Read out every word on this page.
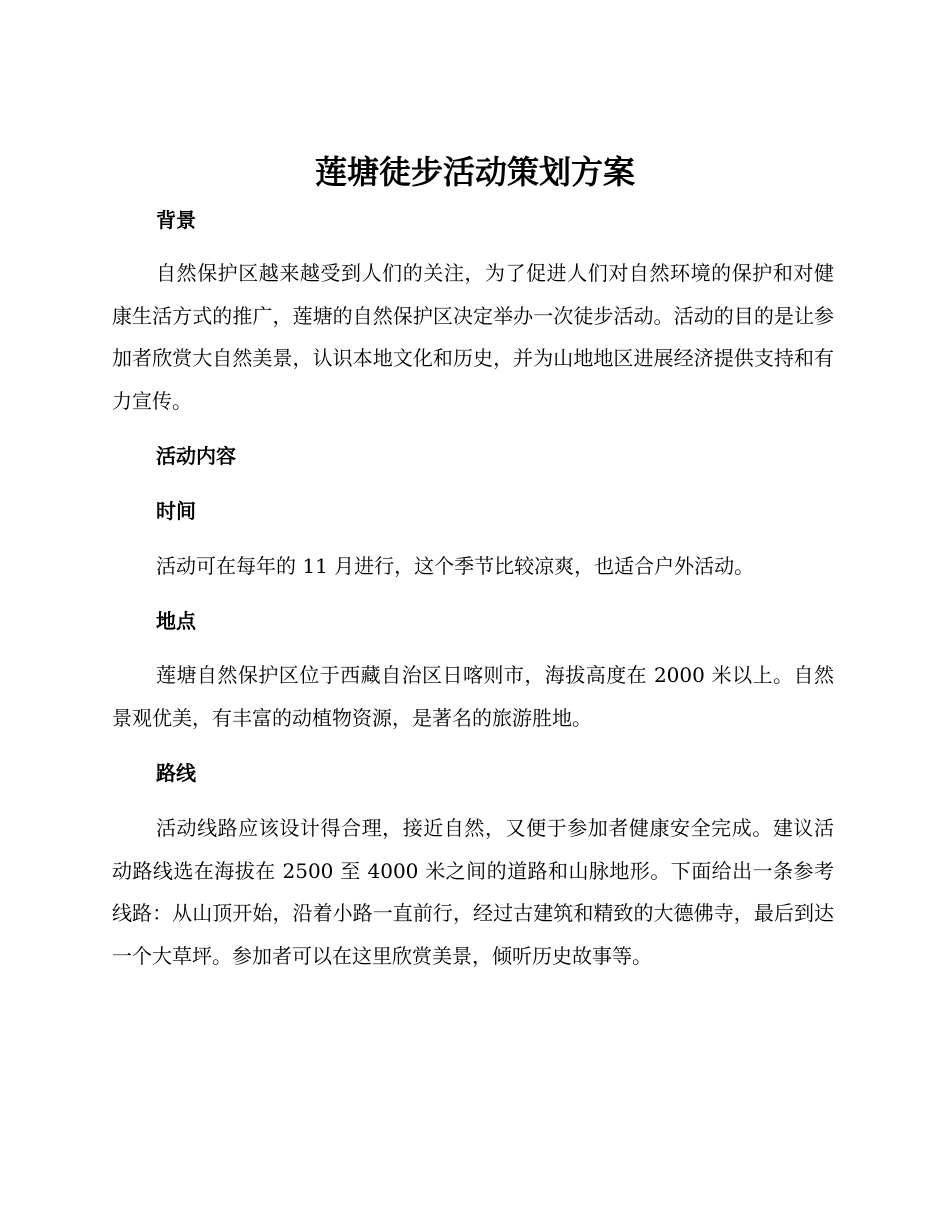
莲塘徒步活动策划方案
背景

自然保护区越来越受到人们的关注，为了促进人们对自然环境的保护和对健康生活方式的推广，莲塘的自然保护区决定举办一次徒步活动。活动的目的是让参加者欣赏大自然美景，认识本地文化和历史，并为山地地区进展经济提供支持和有力宣传。

活动内容
时间

活动可在每年的 11 月进行，这个季节比较凉爽，也适合户外活动。

地点

莲塘自然保护区位于西藏自治区日喀则市，海拔高度在 2000 米以上。自然景观优美，有丰富的动植物资源，是著名的旅游胜地。

路线

活动线路应该设计得合理，接近自然，又便于参加者健康安全完成。建议活动路线选在海拔在 2500 至 4000 米之间的道路和山脉地形。下面给出一条参考线路：从山顶开始，沿着小路一直前行，经过古建筑和精致的大德佛寺，最后到达一个大草坪。参加者可以在这里欣赏美景，倾听历史故事等。
